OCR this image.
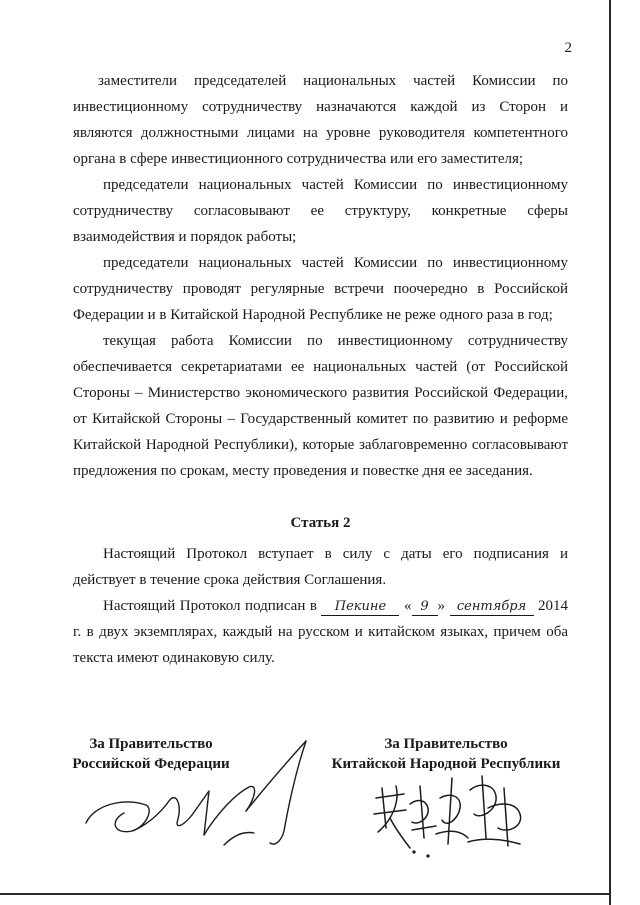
2

заместители председателей национальных частей Комиссии по инвестиционному сотрудничеству назначаются каждой из Сторон и являются должностными лицами на уровне руководителя компетентного органа в сфере инвестиционного сотрудничества или его заместителя;

председатели национальных частей Комиссии по инвестиционному сотрудничеству согласовывают ее структуру, конкретные сферы взаимодействия и порядок работы;

председатели национальных частей Комиссии по инвестиционному сотрудничеству проводят регулярные встречи поочередно в Российской Федерации и в Китайской Народной Республике не реже одного раза в год;

текущая работа Комиссии по инвестиционному сотрудничеству обеспечивается секретариатами ее национальных частей (от Российской Стороны – Министерство экономического развития Российской Федерации, от Китайской Стороны – Государственный комитет по развитию и реформе Китайской Народной Республики), которые заблаговременно согласовывают предложения по срокам, месту проведения и повестке дня ее заседания.

Статья 2

Настоящий Протокол вступает в силу с даты его подписания и действует в течение срока действия Соглашения.

Настоящий Протокол подписан в Пекине « 9 » сентября 2014 г. в двух экземплярах, каждый на русском и китайском языках, причем оба текста имеют одинаковую силу.

За Правительство
Российской Федерации
За Правительство
Китайской Народной Республики
